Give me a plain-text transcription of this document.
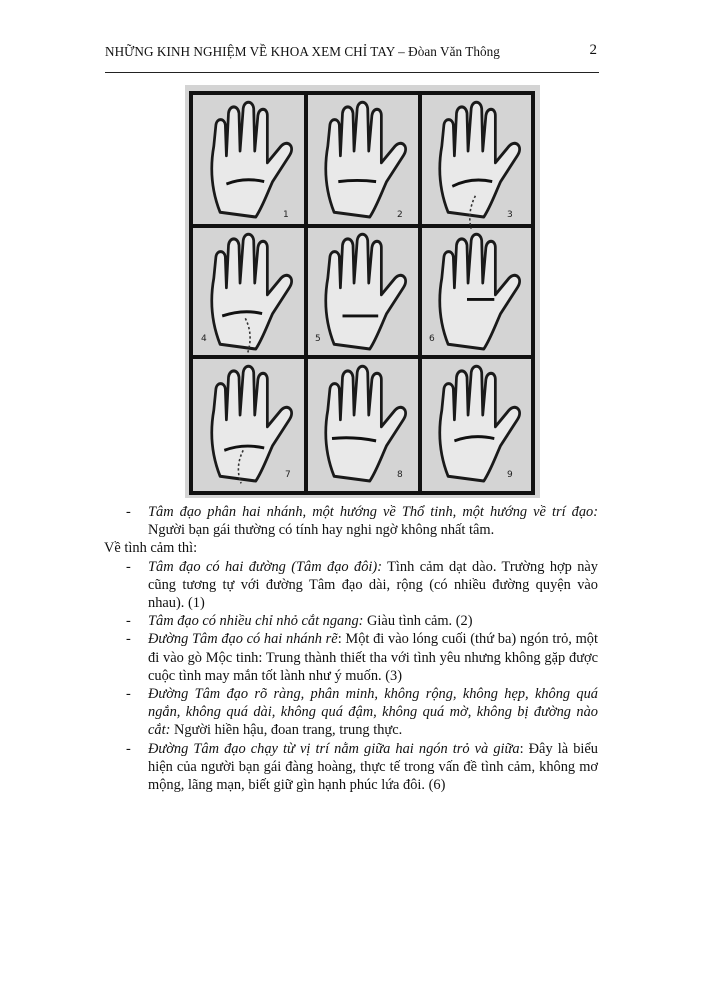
NHỮNG KINH NGHIỆM VỀ KHOA XEM CHỈ TAY – Đòan Văn Thông	2
1	2	3
4	5	6
7	8	9
- Tâm đạo phân hai nhánh, một hướng về Thổ tinh, một hướng về trí đạo: Người bạn gái thường có tính hay nghi ngờ không nhất tâm.
Về tình cảm thì:
- Tâm đạo có hai đường (Tâm đạo đôi): Tình cảm dạt dào. Trường hợp này cũng tương tự với đường Tâm đạo dài, rộng (có nhiều đường quyện vào nhau). (1)
- Tâm đạo có nhiều chỉ nhỏ cắt ngang: Giàu tình cảm. (2)
- Đường Tâm đạo có hai nhánh rẽ: Một đi vào lóng cuối (thứ ba) ngón trỏ, một đi vào gò Mộc tinh: Trung thành thiết tha với tình yêu nhưng không gặp được cuộc tình may mắn tốt lành như ý muốn. (3)
- Đường Tâm đạo rõ ràng, phân minh, không rộng, không hẹp, không quá ngắn, không quá dài, không quá đậm, không quá mờ, không bị đường nào cắt: Người hiền hậu, đoan trang, trung thực.
- Đường Tâm đạo chạy từ vị trí nằm giữa hai ngón trỏ và giữa: Đây là biểu hiện của người bạn gái đàng hoàng, thực tế trong vấn đề tình cảm, không mơ mộng, lãng mạn, biết giữ gìn hạnh phúc lứa đôi. (6)
